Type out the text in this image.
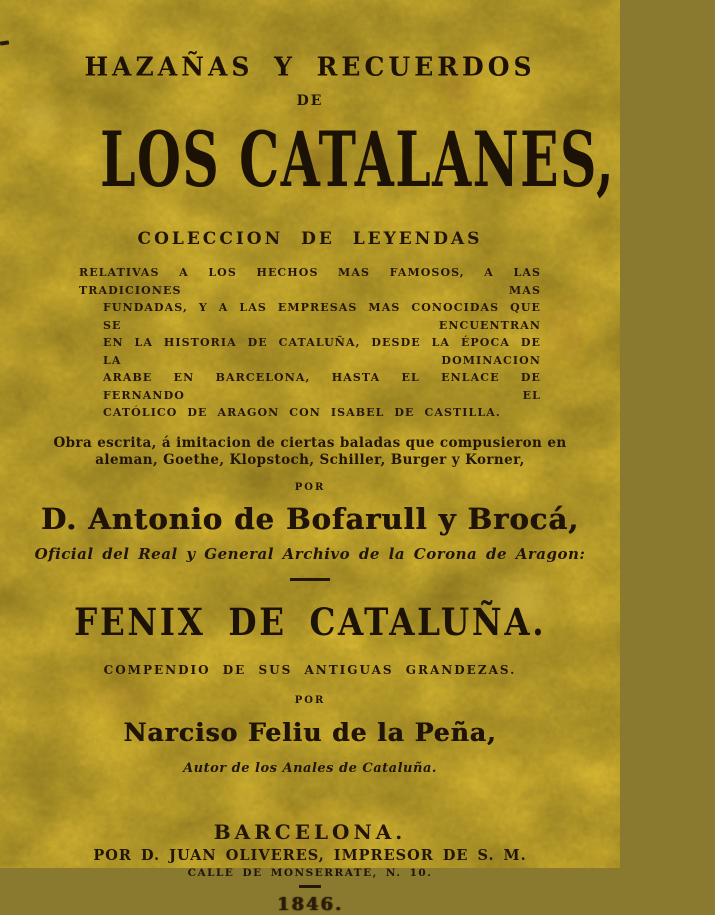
HAZAÑAS Y RECUERDOS
DE
LOS CATALANES,
COLECCION DE LEYENDAS
RELATIVAS A LOS HECHOS MAS FAMOSOS, A LAS TRADICIONES MAS
FUNDADAS, Y A LAS EMPRESAS MAS CONOCIDAS QUE SE ENCUENTRAN
EN LA HISTORIA DE CATALUÑA, DESDE LA ÉPOCA DE LA DOMINACION
ARABE EN BARCELONA, HASTA EL ENLACE DE FERNANDO EL
CATÓLICO DE ARAGON CON ISABEL DE CASTILLA.
Obra escrita, á imitacion de ciertas baladas que compusieron en
aleman, Goethe, Klopstoch, Schiller, Burger y Korner,
POR
D. Antonio de Bofarull y Brocá,
Oficial del Real y General Archivo de la Corona de Aragon:
FENIX DE CATALUÑA.
COMPENDIO DE SUS ANTIGUAS GRANDEZAS.
POR
Narciso Feliu de la Peña,
Autor de los Anales de Cataluña.
BARCELONA.
POR D. JUAN OLIVERES, IMPRESOR DE S. M.
CALLE DE MONSERRATE, N. 10.
1846.
